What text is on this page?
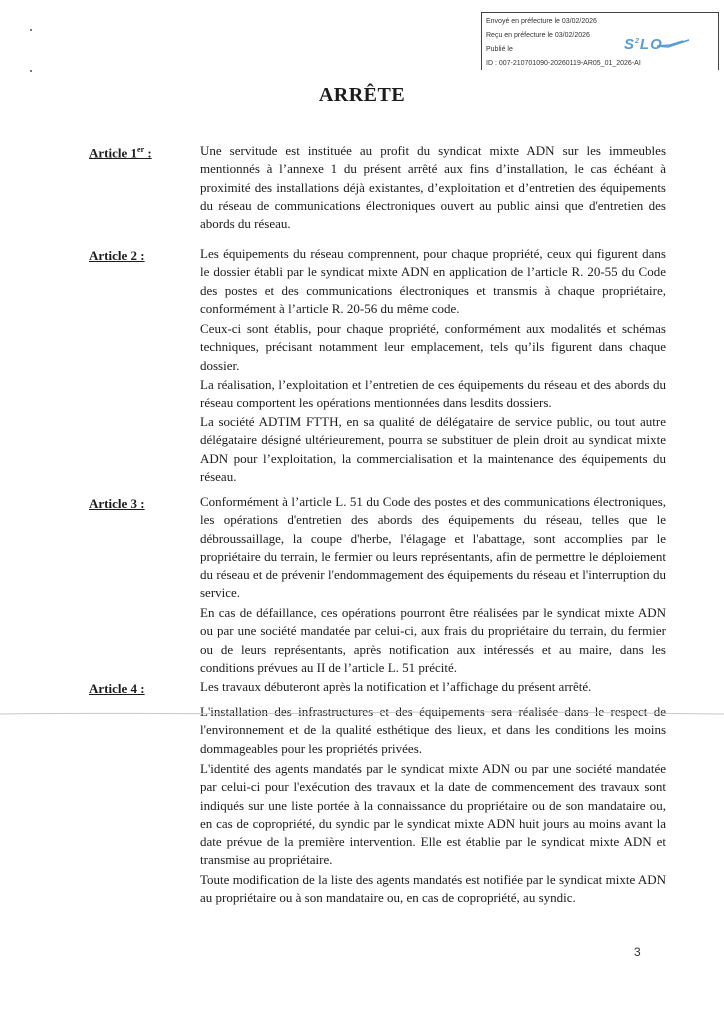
Envoyé en préfecture le 03/02/2026
Reçu en préfecture le 03/02/2026
Publié le
ID : 007-210701090-20260119-AR05_01_2026-AI
$S^2LO$
ARRÊTE
Article 1er :	Une servitude est instituée au profit du syndicat mixte ADN sur les immeubles mentionnés à l’annexe 1 du présent arrêté aux fins d’installation, le cas échéant à proximité des installations déjà existantes, d’exploitation et d’entretien des équipements du réseau de communications électroniques ouvert au public ainsi que d'entretien des abords du réseau.
Article 2 :	Les équipements du réseau comprennent, pour chaque propriété, ceux qui figurent dans le dossier établi par le syndicat mixte ADN en application de l’article R. 20-55 du Code des postes et des communications électroniques et transmis à chaque propriétaire, conformément à l’article R. 20-56 du même code.
Ceux-ci sont établis, pour chaque propriété, conformément aux modalités et schémas techniques, précisant notamment leur emplacement, tels qu’ils figurent dans chaque dossier.
La réalisation, l’exploitation et l’entretien de ces équipements du réseau et des abords du réseau comportent les opérations mentionnées dans lesdits dossiers.
La société ADTIM FTTH, en sa qualité de délégataire de service public, ou tout autre délégataire désigné ultérieurement, pourra se substituer de plein droit au syndicat mixte ADN pour l’exploitation, la commercialisation et la maintenance des équipements du réseau.
Article 3 :	Conformément à l’article L. 51 du Code des postes et des communications électroniques, les opérations d'entretien des abords des équipements du réseau, telles que le débroussaillage, la coupe d'herbe, l'élagage et l'abattage, sont accomplies par le propriétaire du terrain, le fermier ou leurs représentants, afin de permettre le déploiement du réseau et de prévenir l'endommagement des équipements du réseau et l'interruption du service.
En cas de défaillance, ces opérations pourront être réalisées par le syndicat mixte ADN ou par une société mandatée par celui-ci, aux frais du propriétaire du terrain, du fermier ou de leurs représentants, après notification aux intéressés et au maire, dans les conditions prévues au II de l’article L. 51 précité.
Article 4 :	Les travaux débuteront après la notification et l’affichage du présent arrêté.
L'installation des infrastructures et des équipements sera réalisée dans le respect de l'environnement et de la qualité esthétique des lieux, et dans les conditions les moins dommageables pour les propriétés privées.
L'identité des agents mandatés par le syndicat mixte ADN ou par une société mandatée par celui-ci pour l'exécution des travaux et la date de commencement des travaux sont indiqués sur une liste portée à la connaissance du propriétaire ou de son mandataire ou, en cas de copropriété, du syndic par le syndicat mixte ADN huit jours au moins avant la date prévue de la première intervention. Elle est établie par le syndicat mixte ADN et transmise au propriétaire.
Toute modification de la liste des agents mandatés est notifiée par le syndicat mixte ADN au propriétaire ou à son mandataire ou, en cas de copropriété, au syndic.
3
